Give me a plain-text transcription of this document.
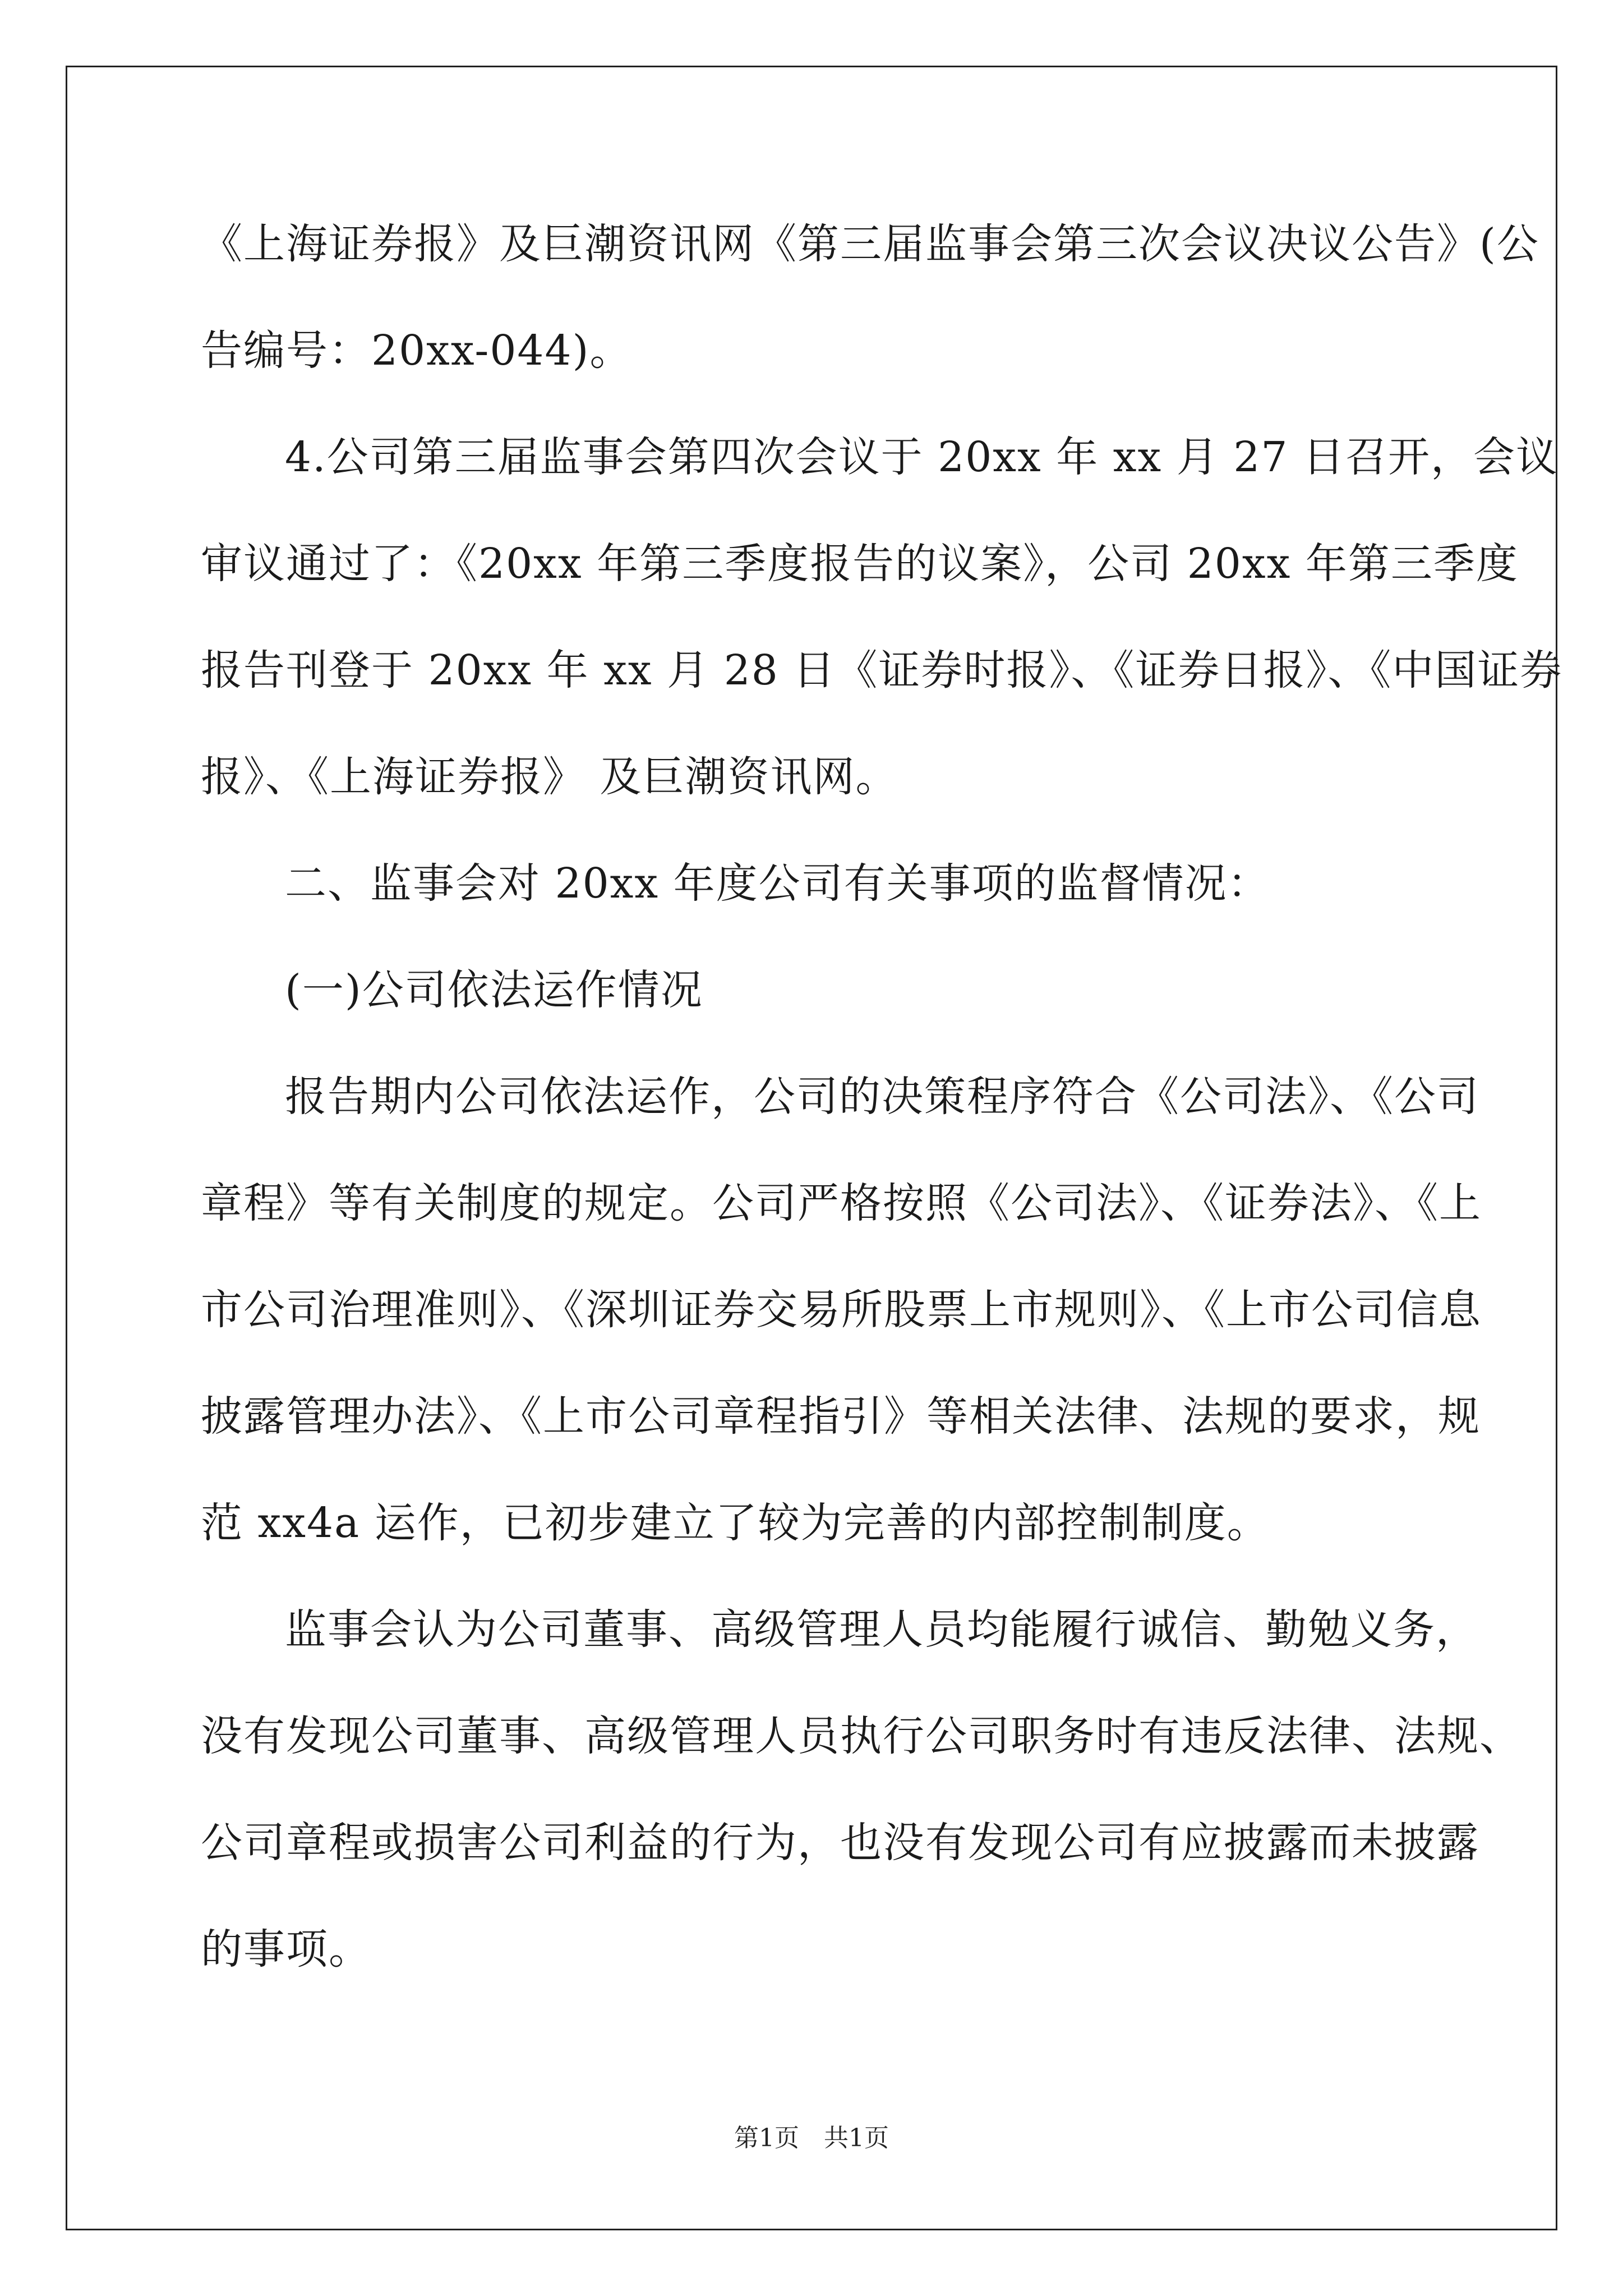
《上海证券报》及巨潮资讯网《第三届监事会第三次会议决议公告》(公
告编号：20xx-044)。
4.公司第三届监事会第四次会议于 20xx 年 xx 月 27 日召开，会议
审议通过了：《20xx 年第三季度报告的议案》，公司 20xx 年第三季度
报告刊登于 20xx 年 xx 月 28 日《证券时报》、《证券日报》、《中国证券
报》、《上海证券报》 及巨潮资讯网。
二、监事会对 20xx 年度公司有关事项的监督情况：
(一)公司依法运作情况
报告期内公司依法运作，公司的决策程序符合《公司法》、《公司
章程》等有关制度的规定。公司严格按照《公司法》、《证券法》、《上
市公司治理准则》、《深圳证券交易所股票上市规则》、《上市公司信息
披露管理办法》、《上市公司章程指引》等相关法律、法规的要求，规
范 xx4a 运作，已初步建立了较为完善的内部控制制度。
监事会认为公司董事、高级管理人员均能履行诚信、勤勉义务，
没有发现公司董事、高级管理人员执行公司职务时有违反法律、法规、
公司章程或损害公司利益的行为，也没有发现公司有应披露而未披露
的事项。
第1页　共1页
